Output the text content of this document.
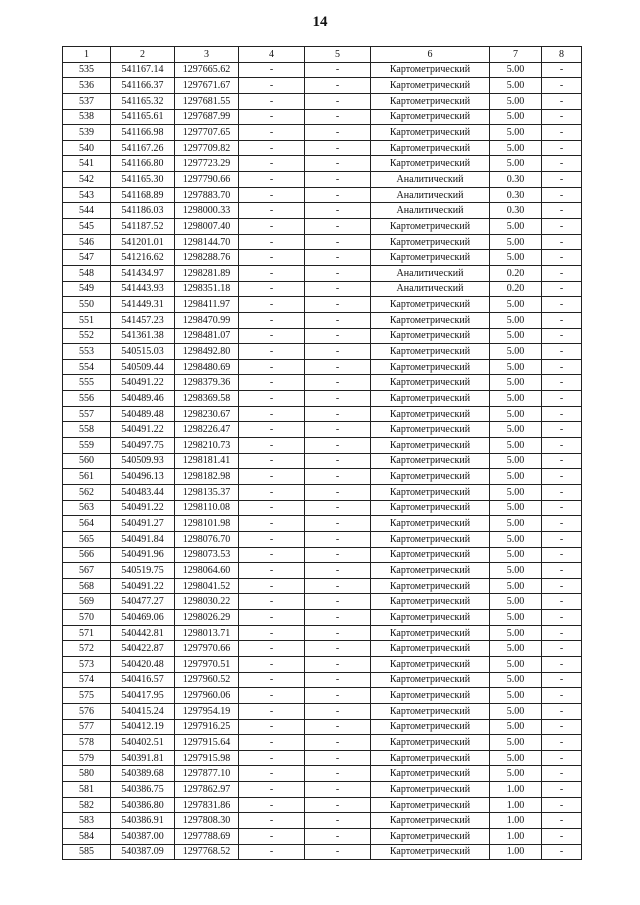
14
1	2	3	4	5	6	7	8
535	541167.14	1297665.62	-	-	Картометрический	5.00	-
536	541166.37	1297671.67	-	-	Картометрический	5.00	-
537	541165.32	1297681.55	-	-	Картометрический	5.00	-
538	541165.61	1297687.99	-	-	Картометрический	5.00	-
539	541166.98	1297707.65	-	-	Картометрический	5.00	-
540	541167.26	1297709.82	-	-	Картометрический	5.00	-
541	541166.80	1297723.29	-	-	Картометрический	5.00	-
542	541165.30	1297790.66	-	-	Аналитический	0.30	-
543	541168.89	1297883.70	-	-	Аналитический	0.30	-
544	541186.03	1298000.33	-	-	Аналитический	0.30	-
545	541187.52	1298007.40	-	-	Картометрический	5.00	-
546	541201.01	1298144.70	-	-	Картометрический	5.00	-
547	541216.62	1298288.76	-	-	Картометрический	5.00	-
548	541434.97	1298281.89	-	-	Аналитический	0.20	-
549	541443.93	1298351.18	-	-	Аналитический	0.20	-
550	541449.31	1298411.97	-	-	Картометрический	5.00	-
551	541457.23	1298470.99	-	-	Картометрический	5.00	-
552	541361.38	1298481.07	-	-	Картометрический	5.00	-
553	540515.03	1298492.80	-	-	Картометрический	5.00	-
554	540509.44	1298480.69	-	-	Картометрический	5.00	-
555	540491.22	1298379.36	-	-	Картометрический	5.00	-
556	540489.46	1298369.58	-	-	Картометрический	5.00	-
557	540489.48	1298230.67	-	-	Картометрический	5.00	-
558	540491.22	1298226.47	-	-	Картометрический	5.00	-
559	540497.75	1298210.73	-	-	Картометрический	5.00	-
560	540509.93	1298181.41	-	-	Картометрический	5.00	-
561	540496.13	1298182.98	-	-	Картометрический	5.00	-
562	540483.44	1298135.37	-	-	Картометрический	5.00	-
563	540491.22	1298110.08	-	-	Картометрический	5.00	-
564	540491.27	1298101.98	-	-	Картометрический	5.00	-
565	540491.84	1298076.70	-	-	Картометрический	5.00	-
566	540491.96	1298073.53	-	-	Картометрический	5.00	-
567	540519.75	1298064.60	-	-	Картометрический	5.00	-
568	540491.22	1298041.52	-	-	Картометрический	5.00	-
569	540477.27	1298030.22	-	-	Картометрический	5.00	-
570	540469.06	1298026.29	-	-	Картометрический	5.00	-
571	540442.81	1298013.71	-	-	Картометрический	5.00	-
572	540422.87	1297970.66	-	-	Картометрический	5.00	-
573	540420.48	1297970.51	-	-	Картометрический	5.00	-
574	540416.57	1297960.52	-	-	Картометрический	5.00	-
575	540417.95	1297960.06	-	-	Картометрический	5.00	-
576	540415.24	1297954.19	-	-	Картометрический	5.00	-
577	540412.19	1297916.25	-	-	Картометрический	5.00	-
578	540402.51	1297915.64	-	-	Картометрический	5.00	-
579	540391.81	1297915.98	-	-	Картометрический	5.00	-
580	540389.68	1297877.10	-	-	Картометрический	5.00	-
581	540386.75	1297862.97	-	-	Картометрический	1.00	-
582	540386.80	1297831.86	-	-	Картометрический	1.00	-
583	540386.91	1297808.30	-	-	Картометрический	1.00	-
584	540387.00	1297788.69	-	-	Картометрический	1.00	-
585	540387.09	1297768.52	-	-	Картометрический	1.00	-
